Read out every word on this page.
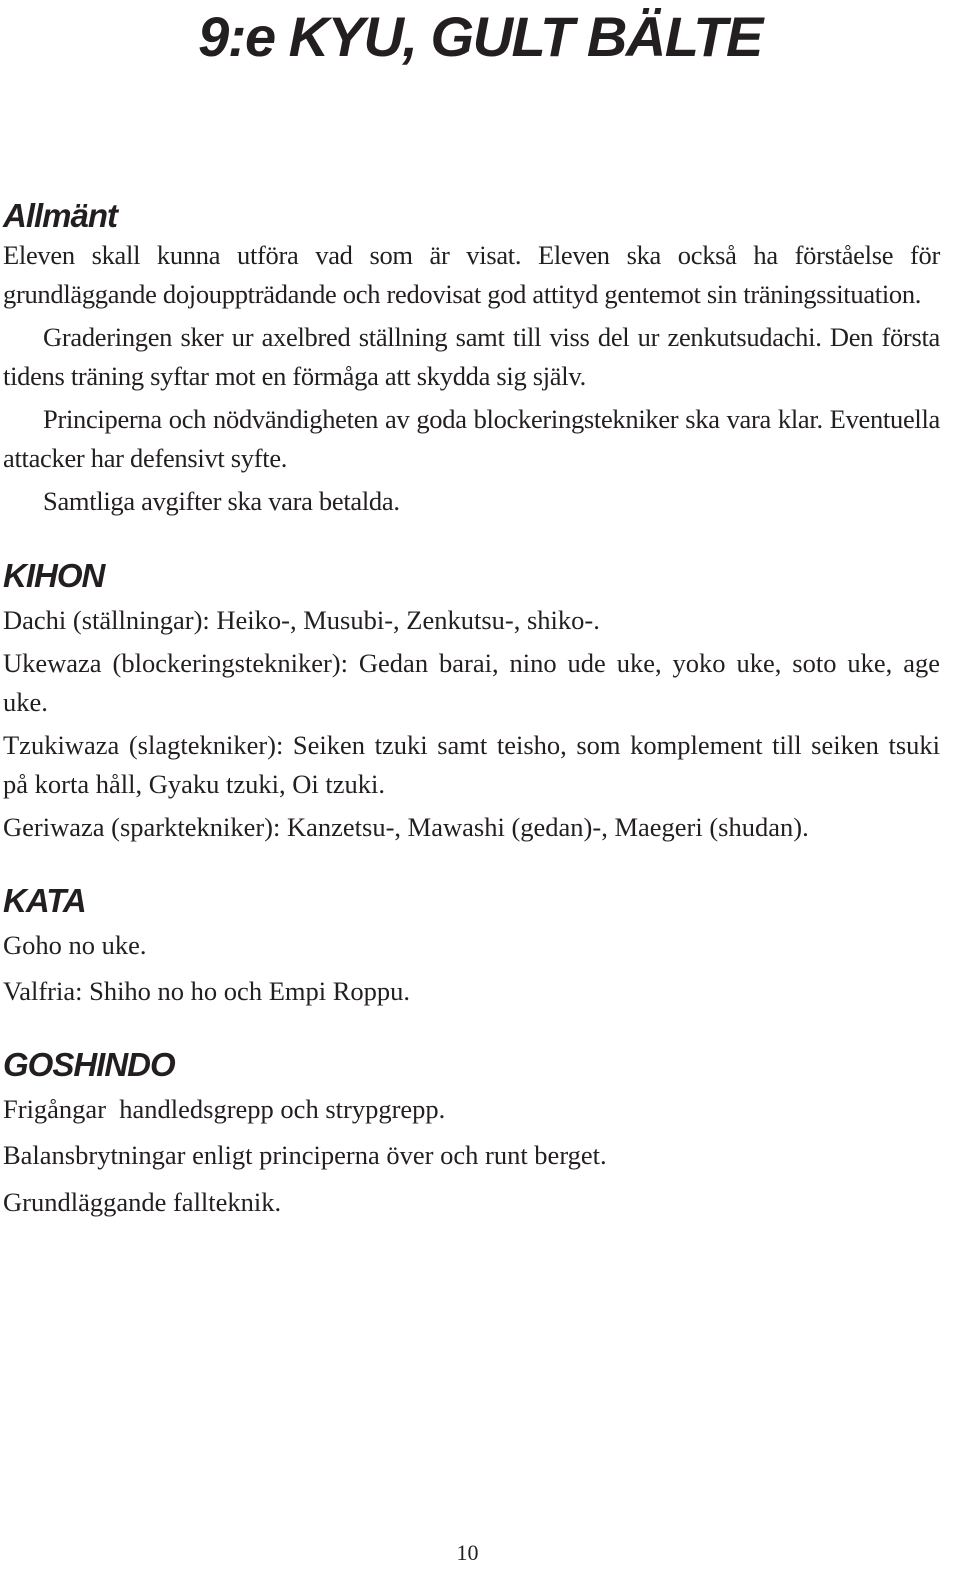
9:e KYU, GULT BÄLTE
Allmänt

Eleven skall kunna utföra vad som är visat. Eleven ska också ha förståelse för grundläggande dojouppträdande och redovisat god attityd gentemot sin träningssituation.

Graderingen sker ur axelbred ställning samt till viss del ur zenkutsudachi. Den första tidens träning syftar mot en förmåga att skydda sig själv.

Principerna och nödvändigheten av goda blockeringstekniker ska vara klar. Eventuella attacker har defensivt syfte.

Samtliga avgifter ska vara betalda.

KIHON

Dachi (ställningar): Heiko-, Musubi-, Zenkutsu-, shiko-.

Ukewaza (blockeringstekniker): Gedan barai, nino ude uke, yoko uke, soto uke, age uke.

Tzukiwaza (slagtekniker): Seiken tzuki samt teisho, som komplement till seiken tsuki på korta håll, Gyaku tzuki, Oi tzuki.

Geriwaza (sparktekniker): Kanzetsu-, Mawashi (gedan)-, Maegeri (shudan).

KATA

Goho no uke.

Valfria: Shiho no ho och Empi Roppu.

GOSHINDO

Frigångar  handledsgrepp och strypgrepp.

Balansbrytningar enligt principerna över och runt berget.

Grundläggande fallteknik.

10
